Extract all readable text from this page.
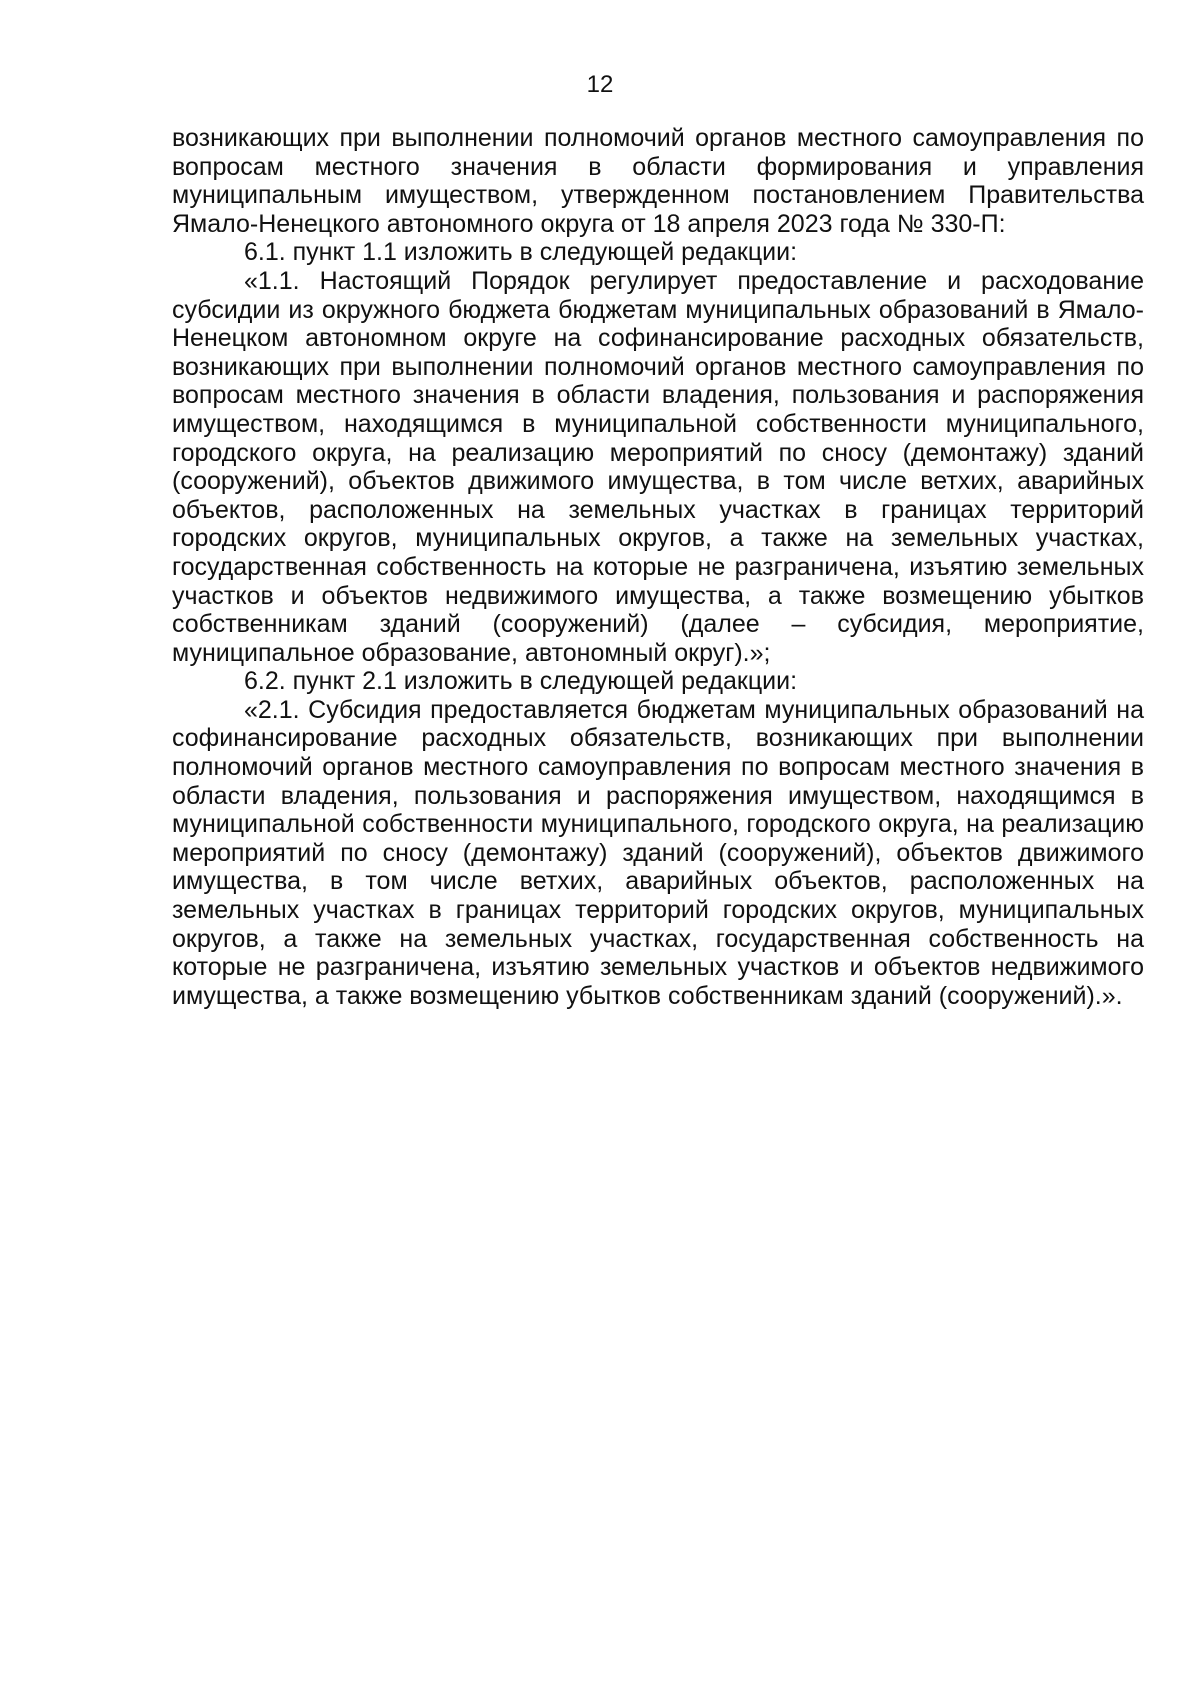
12

возникающих при выполнении полномочий органов местного самоуправления по вопросам местного значения в области формирования и управления муниципальным имуществом, утвержденном постановлением Правительства Ямало-Ненецкого автономного округа от 18 апреля 2023 года № 330-П:

6.1. пункт 1.1 изложить в следующей редакции:

«1.1. Настоящий Порядок регулирует предоставление и расходование субсидии из окружного бюджета бюджетам муниципальных образований в Ямало-Ненецком автономном округе на софинансирование расходных обязательств, возникающих при выполнении полномочий органов местного самоуправления по вопросам местного значения в области владения, пользования и распоряжения имуществом, находящимся в муниципальной собственности муниципального, городского округа, на реализацию мероприятий по сносу (демонтажу) зданий (сооружений), объектов движимого имущества, в том числе ветхих, аварийных объектов, расположенных на земельных участках в границах территорий городских округов, муниципальных округов, а также на земельных участках, государственная собственность на которые не разграничена, изъятию земельных участков и объектов недвижимого имущества, а также возмещению убытков собственникам зданий (сооружений) (далее – субсидия, мероприятие, муниципальное образование, автономный округ).»;

6.2. пункт 2.1 изложить в следующей редакции:

«2.1. Субсидия предоставляется бюджетам муниципальных образований на софинансирование расходных обязательств, возникающих при выполнении полномочий органов местного самоуправления по вопросам местного значения в области владения, пользования и распоряжения имуществом, находящимся в муниципальной собственности муниципального, городского округа, на реализацию мероприятий по сносу (демонтажу) зданий (сооружений), объектов движимого имущества, в том числе ветхих, аварийных объектов, расположенных на земельных участках в границах территорий городских округов, муниципальных округов, а также на земельных участках, государственная собственность на которые не разграничена, изъятию земельных участков и объектов недвижимого имущества, а также возмещению убытков собственникам зданий (сооружений).».
